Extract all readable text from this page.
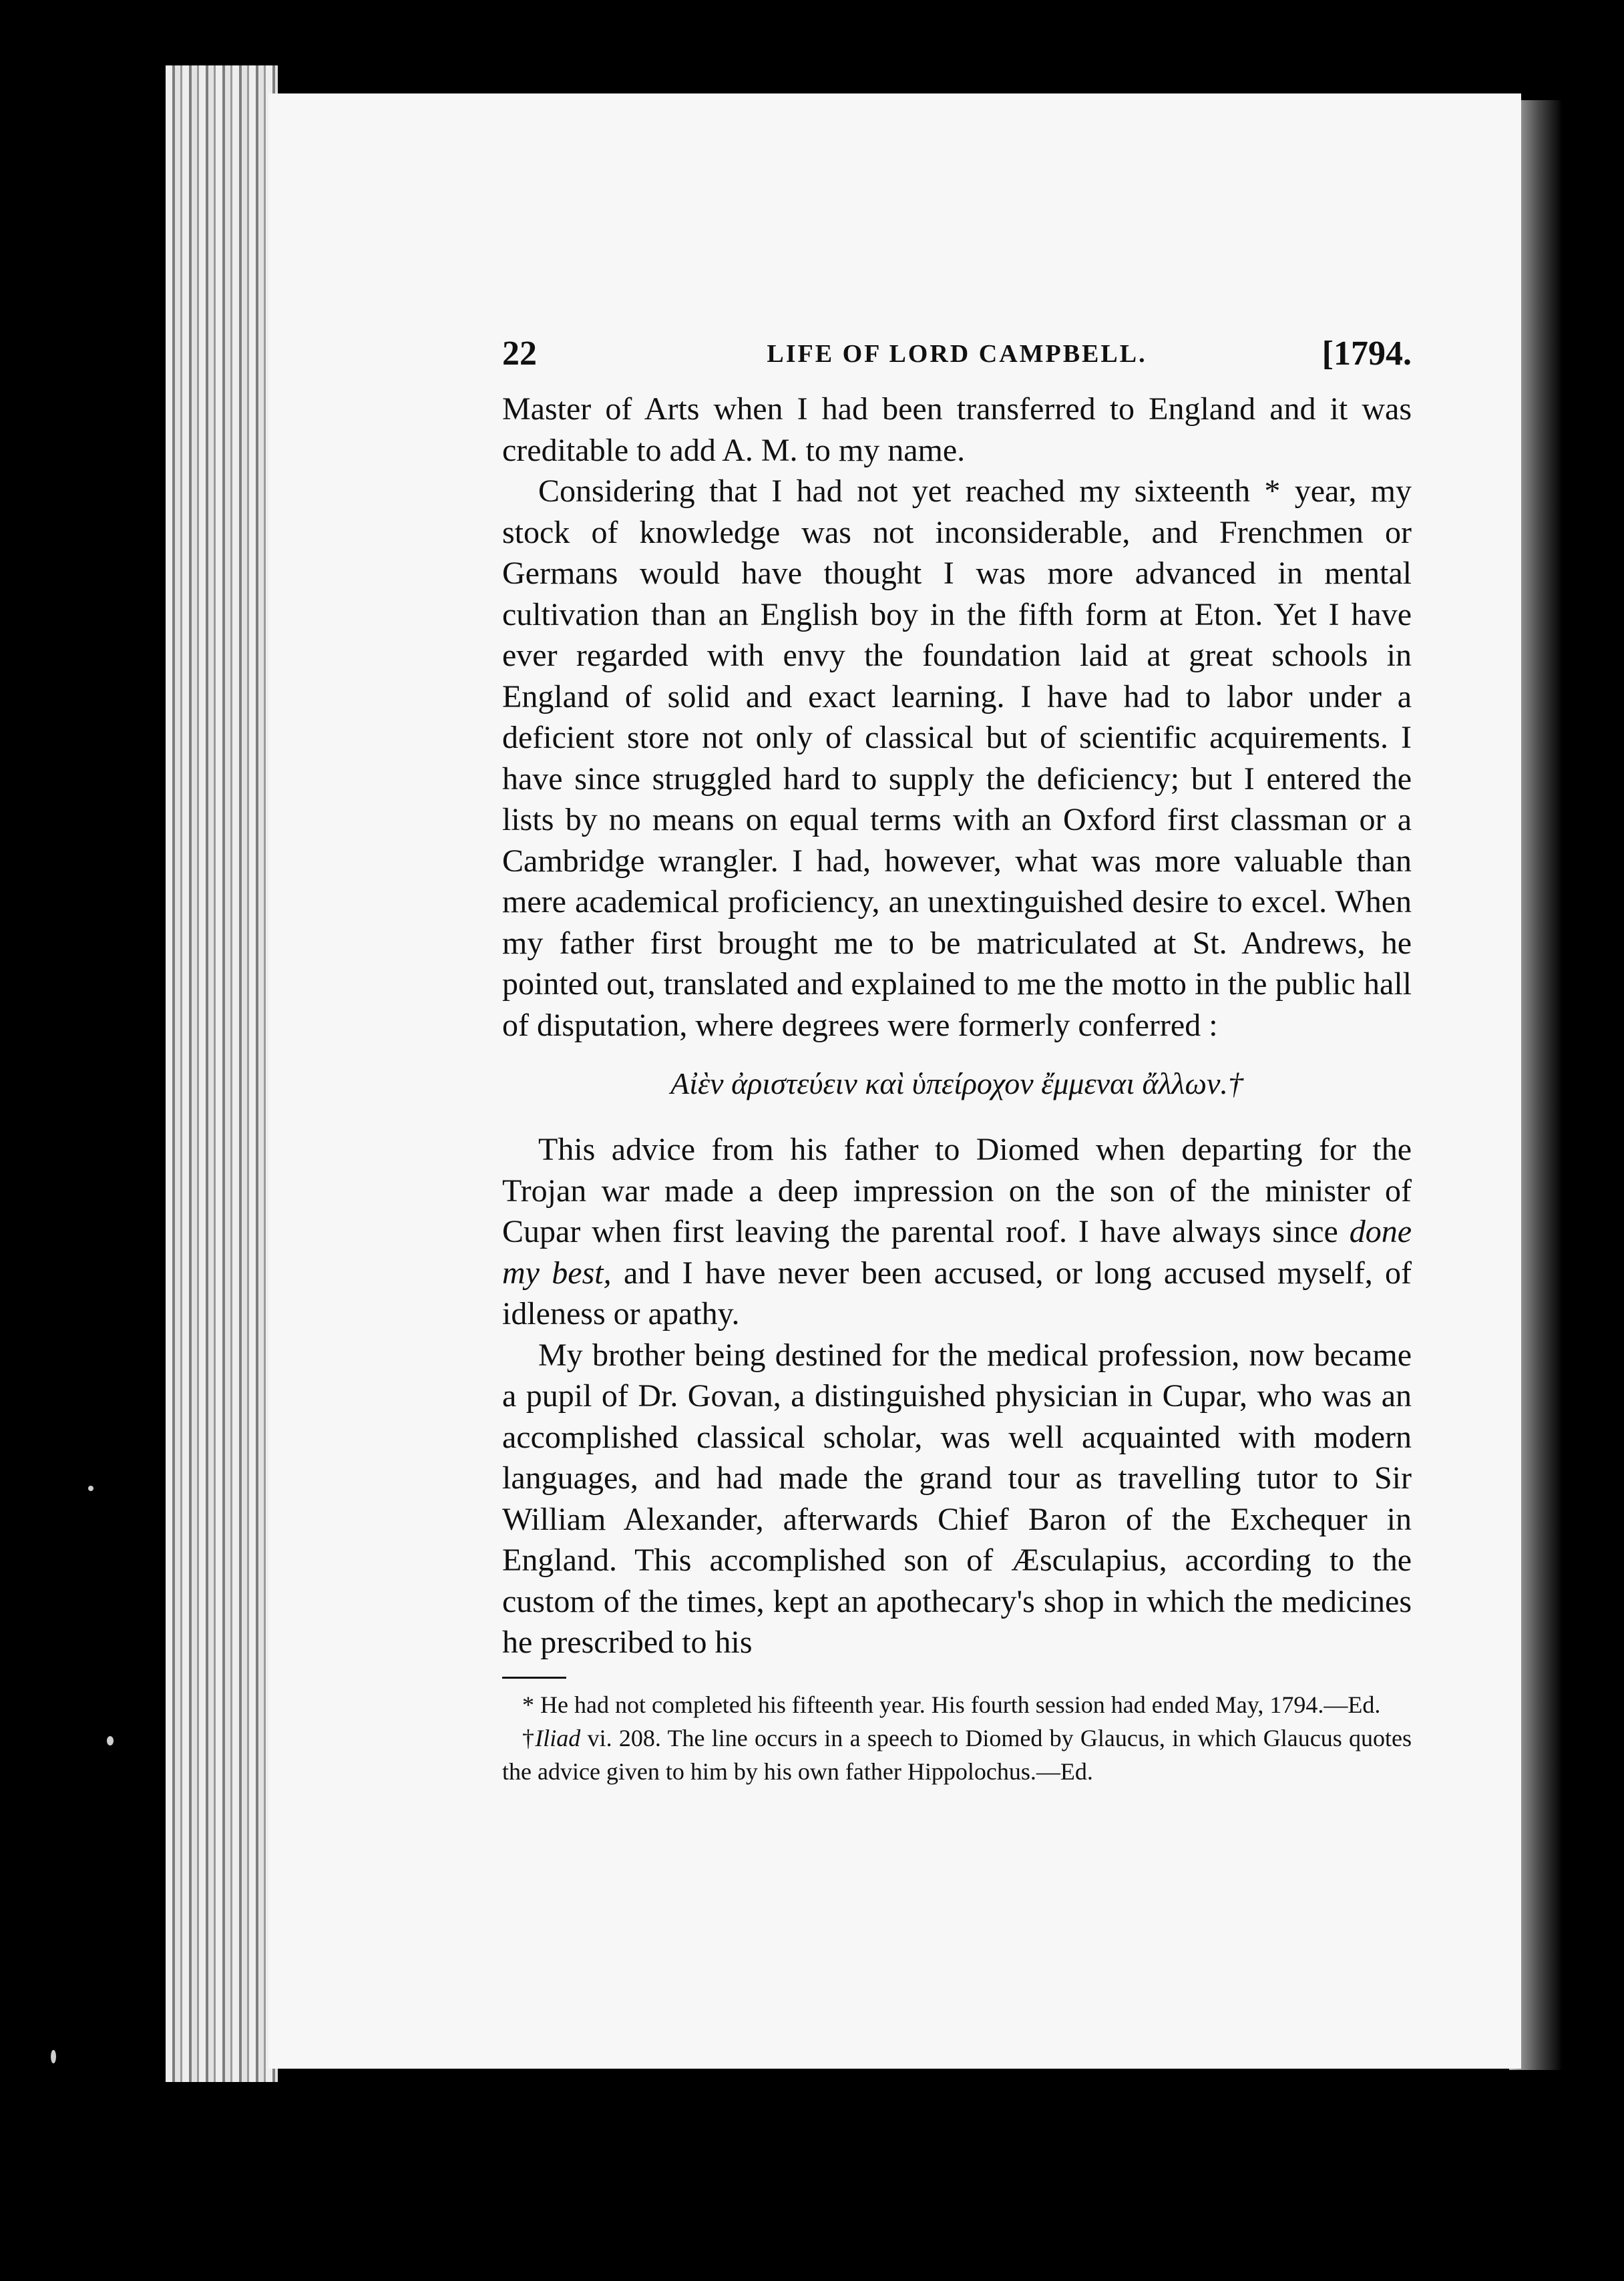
22	LIFE OF LORD CAMPBELL.	[1794.

Master of Arts when I had been transferred to England and it was creditable to add A. M. to my name.

Considering that I had not yet reached my sixteenth * year, my stock of knowledge was not inconsiderable, and Frenchmen or Germans would have thought I was more advanced in mental cultivation than an English boy in the fifth form at Eton. Yet I have ever regarded with envy the foundation laid at great schools in England of solid and exact learning. I have had to labor under a deficient store not only of classical but of scientific acquirements. I have since struggled hard to supply the deficiency; but I entered the lists by no means on equal terms with an Oxford first classman or a Cambridge wrangler. I had, however, what was more valuable than mere academical proficiency, an unextinguished desire to excel. When my father first brought me to be matriculated at St. Andrews, he pointed out, translated and explained to me the motto in the public hall of disputation, where degrees were formerly conferred :

Αἰὲν ἀριστεύειν καὶ ὑπείροχον ἔμμεναι ἄλλων.†

This advice from his father to Diomed when departing for the Trojan war made a deep impression on the son of the minister of Cupar when first leaving the parental roof. I have always since done my best, and I have never been accused, or long accused myself, of idleness or apathy.

My brother being destined for the medical profession, now became a pupil of Dr. Govan, a distinguished physician in Cupar, who was an accomplished classical scholar, was well acquainted with modern languages, and had made the grand tour as travelling tutor to Sir William Alexander, afterwards Chief Baron of the Exchequer in England. This accomplished son of Æsculapius, according to the custom of the times, kept an apothecary's shop in which the medicines he prescribed to his

* He had not completed his fifteenth year. His fourth session had ended May, 1794.—Ed.

†Iliad vi. 208. The line occurs in a speech to Diomed by Glaucus, in which Glaucus quotes the advice given to him by his own father Hippolochus.—Ed.
